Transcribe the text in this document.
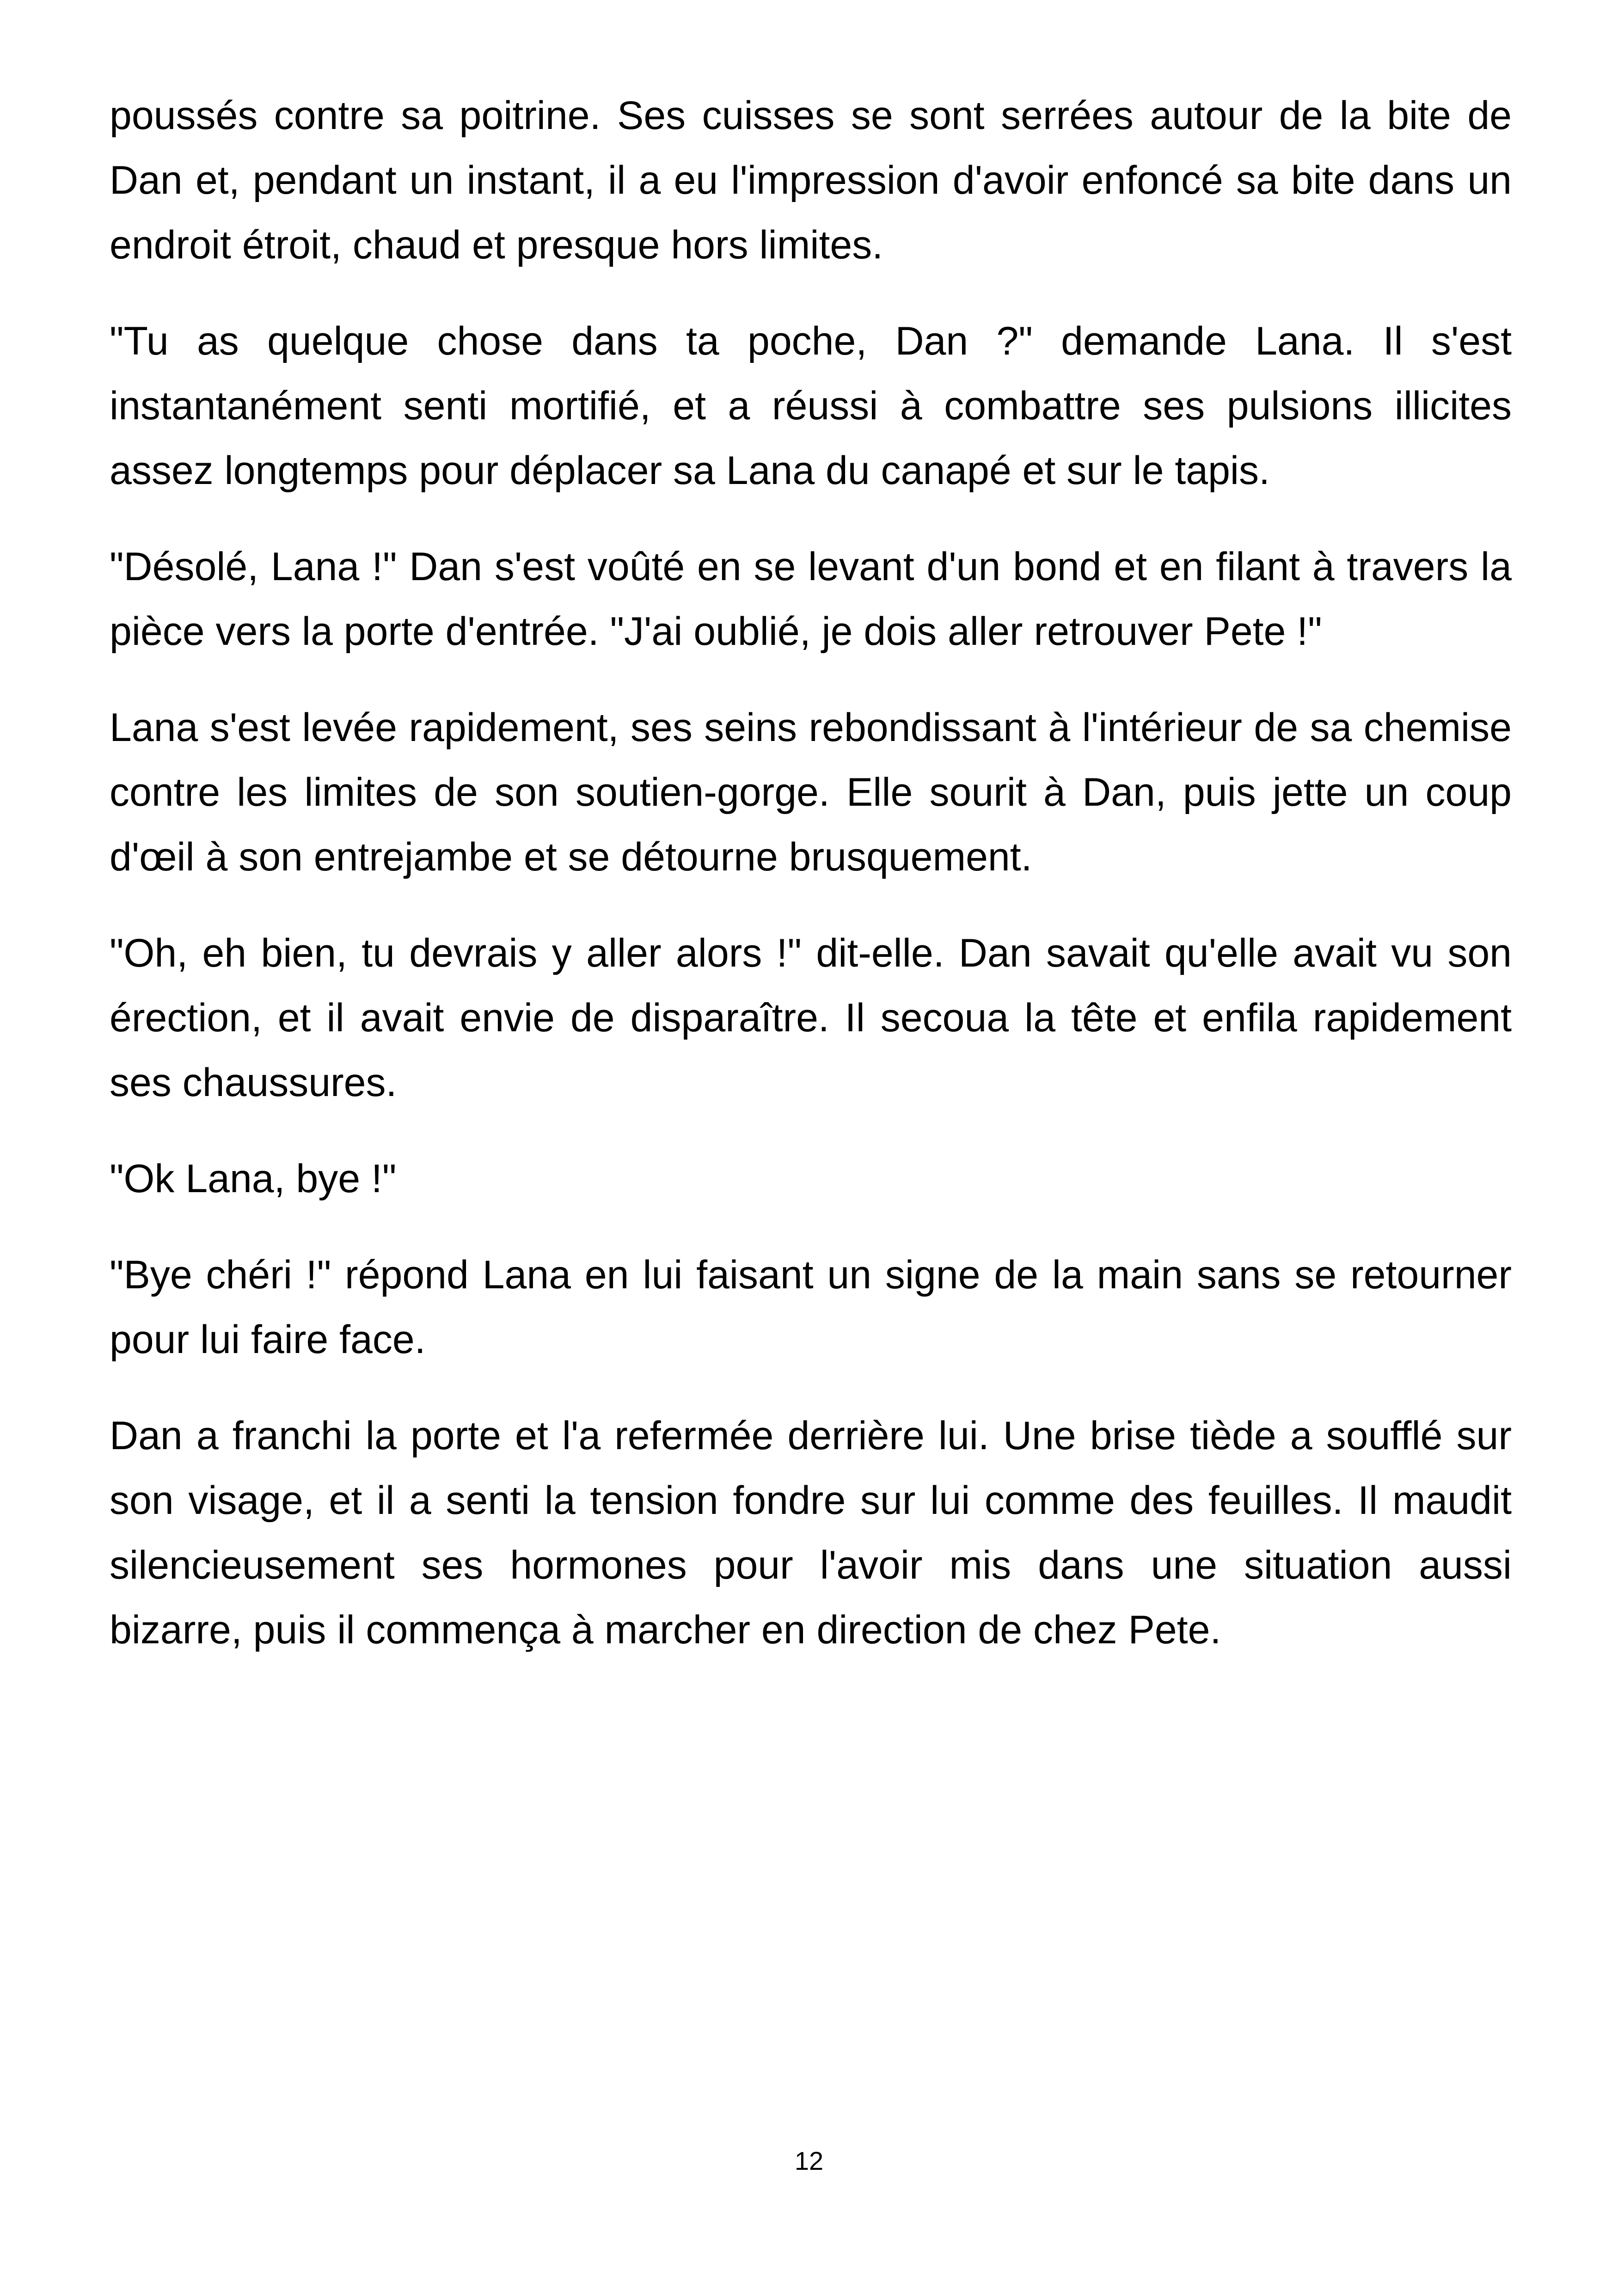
poussés contre sa poitrine. Ses cuisses se sont serrées autour de la bite de Dan et, pendant un instant, il a eu l'impression d'avoir enfoncé sa bite dans un endroit étroit, chaud et presque hors limites.

"Tu as quelque chose dans ta poche, Dan ?" demande Lana. Il s'est instantanément senti mortifié, et a réussi à combattre ses pulsions illicites assez longtemps pour déplacer sa Lana du canapé et sur le tapis.

"Désolé, Lana !" Dan s'est voûté en se levant d'un bond et en filant à travers la pièce vers la porte d'entrée. "J'ai oublié, je dois aller retrouver Pete !"

Lana s'est levée rapidement, ses seins rebondissant à l'intérieur de sa chemise contre les limites de son soutien-gorge. Elle sourit à Dan, puis jette un coup d'œil à son entrejambe et se détourne brusquement.

"Oh, eh bien, tu devrais y aller alors !" dit-elle. Dan savait qu'elle avait vu son érection, et il avait envie de disparaître. Il secoua la tête et enfila rapidement ses chaussures.

"Ok Lana, bye !"

"Bye chéri !" répond Lana en lui faisant un signe de la main sans se retourner pour lui faire face.

Dan a franchi la porte et l'a refermée derrière lui. Une brise tiède a soufflé sur son visage, et il a senti la tension fondre sur lui comme des feuilles. Il maudit silencieusement ses hormones pour l'avoir mis dans une situation aussi bizarre, puis il commença à marcher en direction de chez Pete.

12
